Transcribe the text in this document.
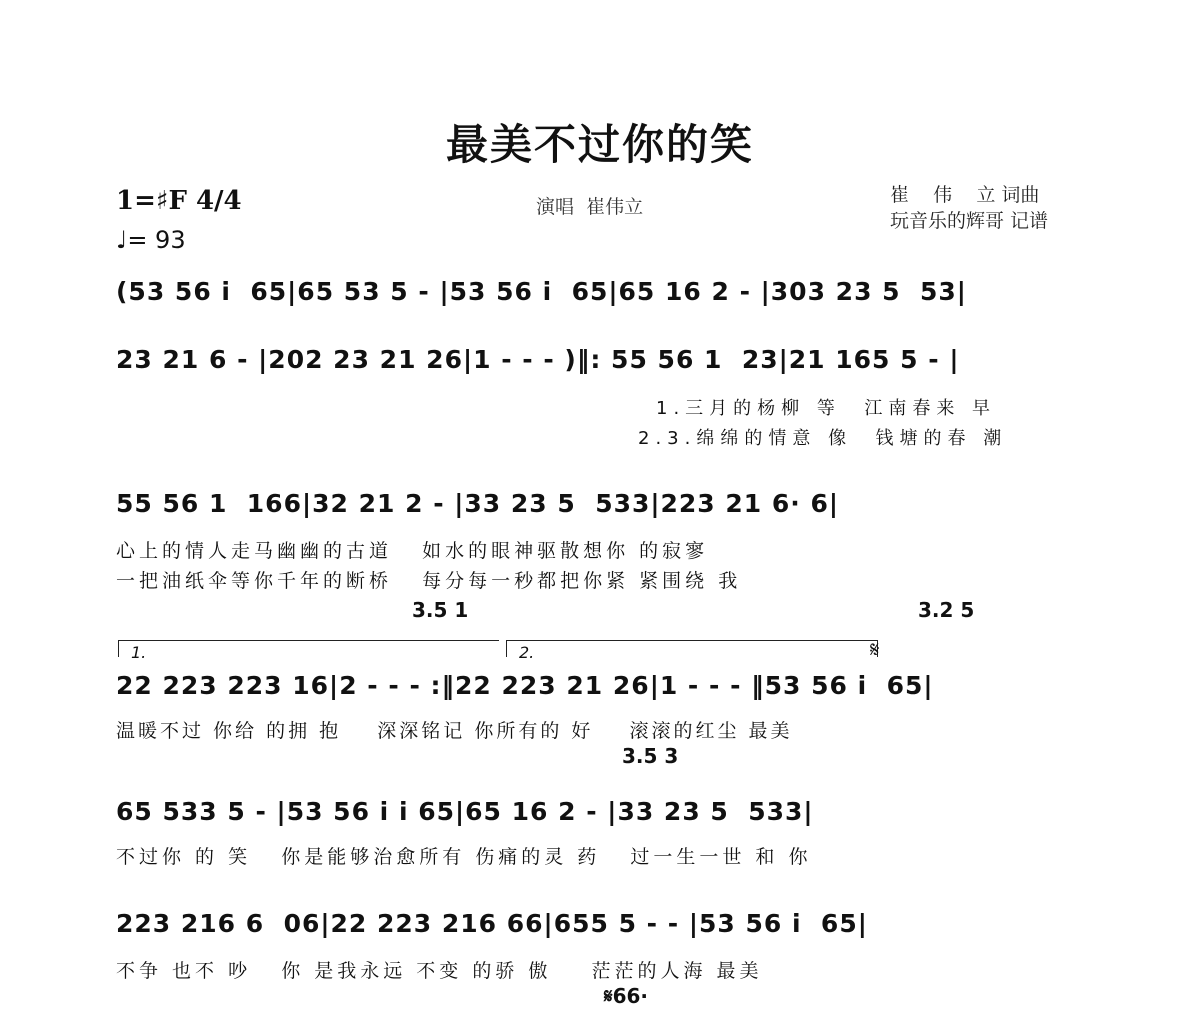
最美不过你的笑
1=♯F 4/4
♩= 93
演唱  崔伟立
崔    伟    立 词曲
玩音乐的辉哥 记谱
(53 56 i  65|65 53 5 - |53 56 i  65|65 16 2 - |303 23 5  53|
23 21 6 - |202 23 21 26|1 - - - )‖: 55 56 1  23|21 165 5 - |
1.三月的杨柳 等  江南春来 早
2.3.绵绵的情意 像  钱塘的春 潮
55 56 1  166|32 21 2 - |33 23 5  533|223 21 6· 6|
心上的情人走马幽幽的古道   如水的眼神驱散想你 的寂寥
一把油纸伞等你千年的断桥   每分每一秒都把你紧 紧围绕 我
3.5 1	3.2 5
1.	2.	𝄋
22 223 223 16|2 - - - :‖22 223 21 26|1 - - - ‖53 56 i  65|
温暖不过 你给 的拥 抱    深深铭记 你所有的 好    滚滚的红尘 最美
3.5 3
65 533 5 - |53 56 i i 65|65 16 2 - |33 23 5  533|
不过你 的 笑   你是能够治愈所有 伤痛的灵 药   过一生一世 和 你
223 216 6  06|22 223 216 66|655 5 - - |53 56 i  65|
不争 也不 吵   你 是我永远 不变 的骄 傲    茫茫的人海 最美
𝄋66·
